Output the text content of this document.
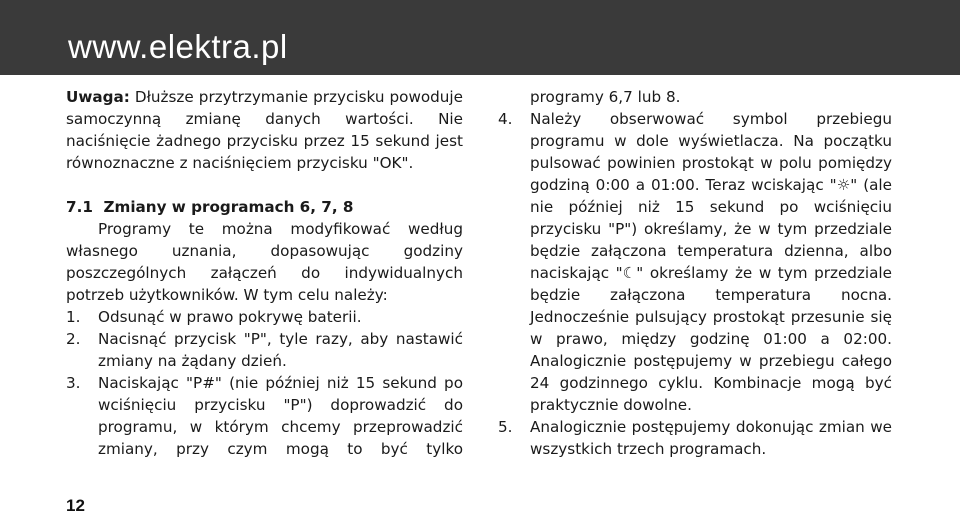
www.elektra.pl
Uwaga: Dłuższe przytrzymanie przycisku powoduje samoczynną zmianę danych wartości. Nie naciśnięcie żadnego przycisku przez 15 sekund jest równoznaczne z naciśnięciem przycisku "OK".
7.1  Zmiany w programach 6, 7, 8
Programy te można modyfikować według własnego uznania, dopasowując godziny poszczególnych załączeń do indywidualnych potrzeb użytkowników. W tym celu należy:
1.	Odsunąć w prawo pokrywę baterii.
2.	Nacisnąć przycisk "P", tyle razy, aby nastawić zmiany na żądany dzień.
3.	Naciskając "P#" (nie później niż 15 sekund po wciśnięciu przycisku "P") doprowadzić do programu, w którym chcemy przeprowadzić zmiany, przy czym mogą to być tylko
programy 6,7 lub 8.
4.	Należy obserwować symbol przebiegu programu w dole wyświetlacza. Na początku pulsować powinien prostokąt w polu pomiędzy godziną 0:00 a 01:00. Teraz wciskając "☼" (ale nie później niż 15 sekund po wciśnięciu przycisku "P") określamy, że w tym przedziale będzie załączona temperatura dzienna, albo naciskając "☾" określamy że w tym przedziale będzie załączona temperatura nocna. Jednocześnie pulsujący prostokąt przesunie się w prawo, między godzinę 01:00 a 02:00. Analogicznie postępujemy w przebiegu całego 24 godzinnego cyklu. Kombinacje mogą być praktycznie dowolne.
5.	Analogicznie postępujemy dokonując zmian we wszystkich trzech programach.
12
